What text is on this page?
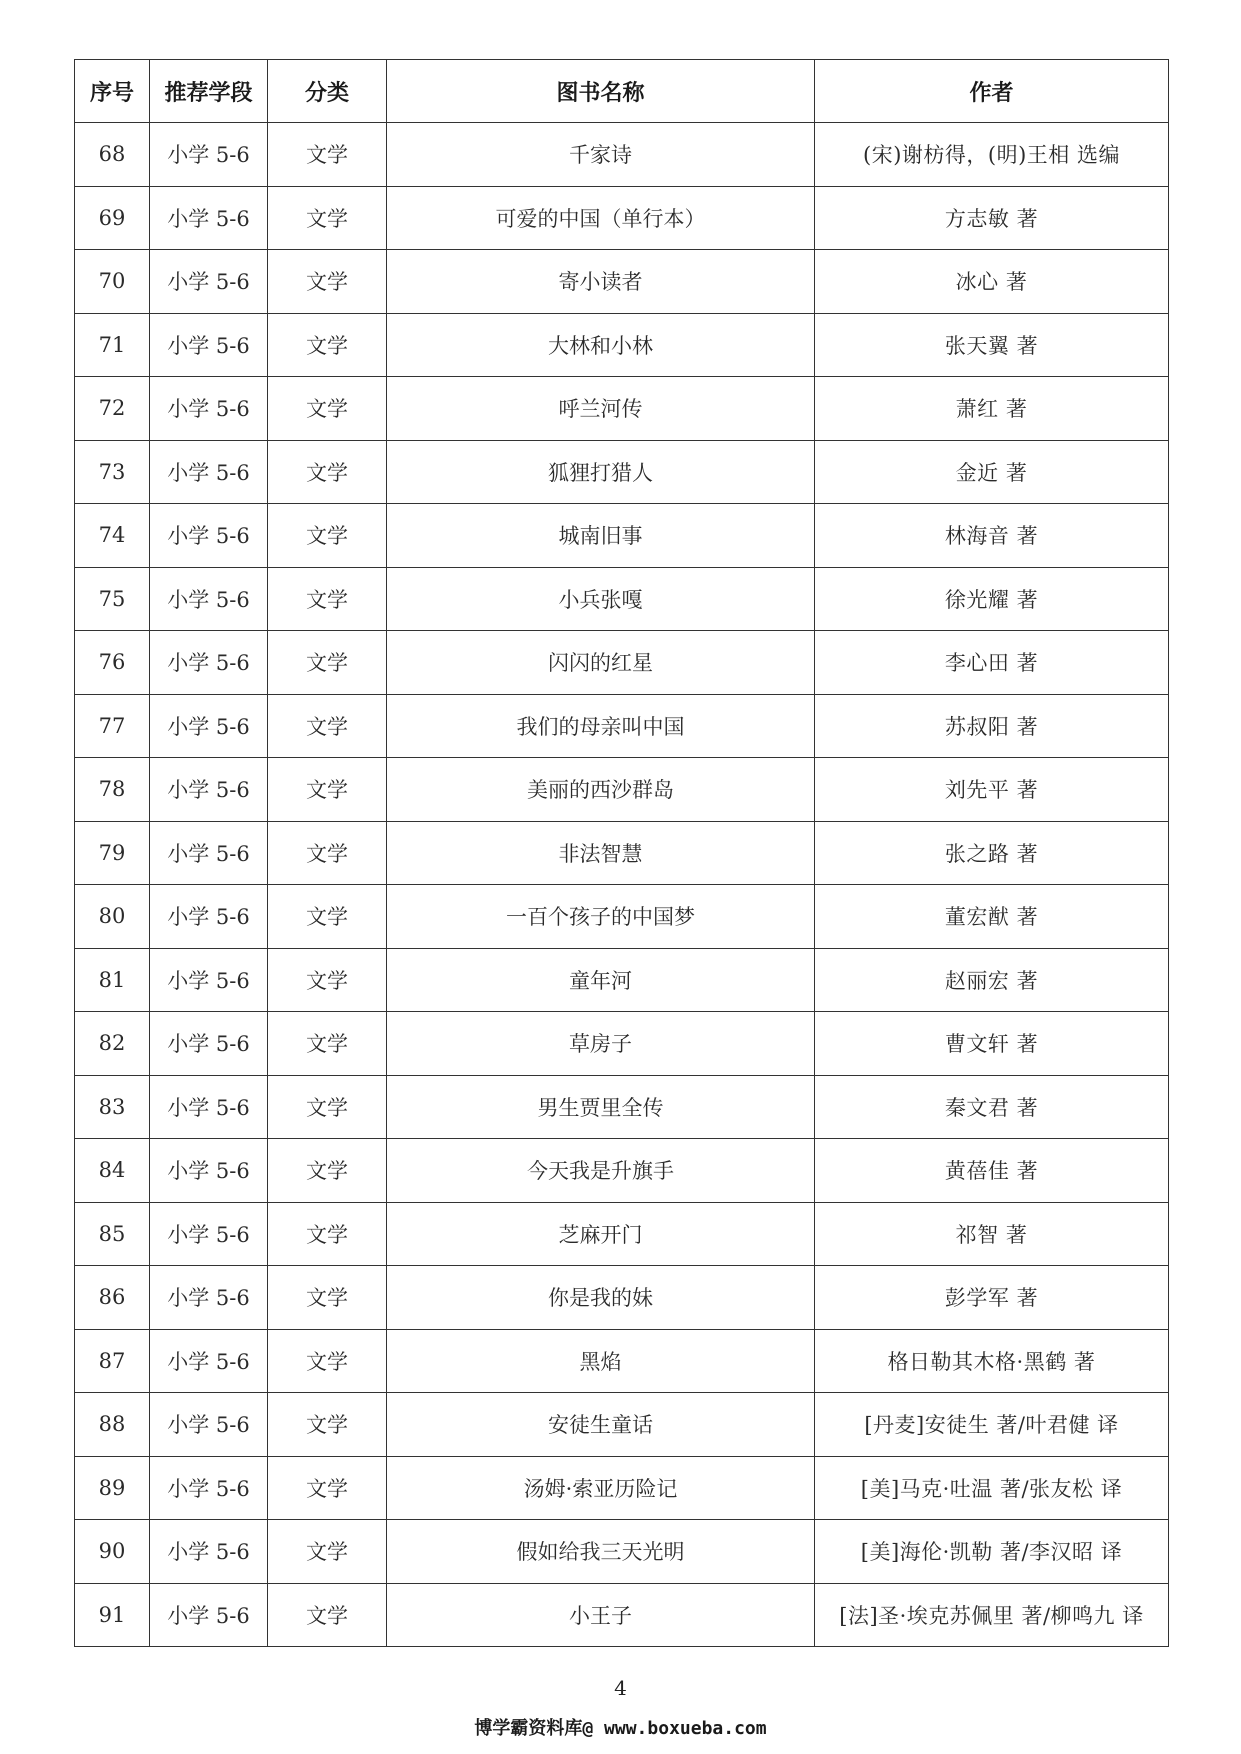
序号	推荐学段	分类	图书名称	作者
68	小学 5-6	文学	千家诗	(宋)谢枋得，(明)王相 选编
69	小学 5-6	文学	可爱的中国（单行本）	方志敏 著
70	小学 5-6	文学	寄小读者	冰心 著
71	小学 5-6	文学	大林和小林	张天翼 著
72	小学 5-6	文学	呼兰河传	萧红 著
73	小学 5-6	文学	狐狸打猎人	金近 著
74	小学 5-6	文学	城南旧事	林海音 著
75	小学 5-6	文学	小兵张嘎	徐光耀 著
76	小学 5-6	文学	闪闪的红星	李心田 著
77	小学 5-6	文学	我们的母亲叫中国	苏叔阳 著
78	小学 5-6	文学	美丽的西沙群岛	刘先平 著
79	小学 5-6	文学	非法智慧	张之路 著
80	小学 5-6	文学	一百个孩子的中国梦	董宏猷 著
81	小学 5-6	文学	童年河	赵丽宏 著
82	小学 5-6	文学	草房子	曹文轩 著
83	小学 5-6	文学	男生贾里全传	秦文君 著
84	小学 5-6	文学	今天我是升旗手	黄蓓佳 著
85	小学 5-6	文学	芝麻开门	祁智 著
86	小学 5-6	文学	你是我的妹	彭学军 著
87	小学 5-6	文学	黑焰	格日勒其木格·黑鹤 著
88	小学 5-6	文学	安徒生童话	[丹麦]安徒生 著/叶君健 译
89	小学 5-6	文学	汤姆·索亚历险记	[美]马克·吐温 著/张友松 译
90	小学 5-6	文学	假如给我三天光明	[美]海伦·凯勒 著/李汉昭 译
91	小学 5-6	文学	小王子	[法]圣·埃克苏佩里 著/柳鸣九 译
4
博学霸资料库@ www.boxueba.com
